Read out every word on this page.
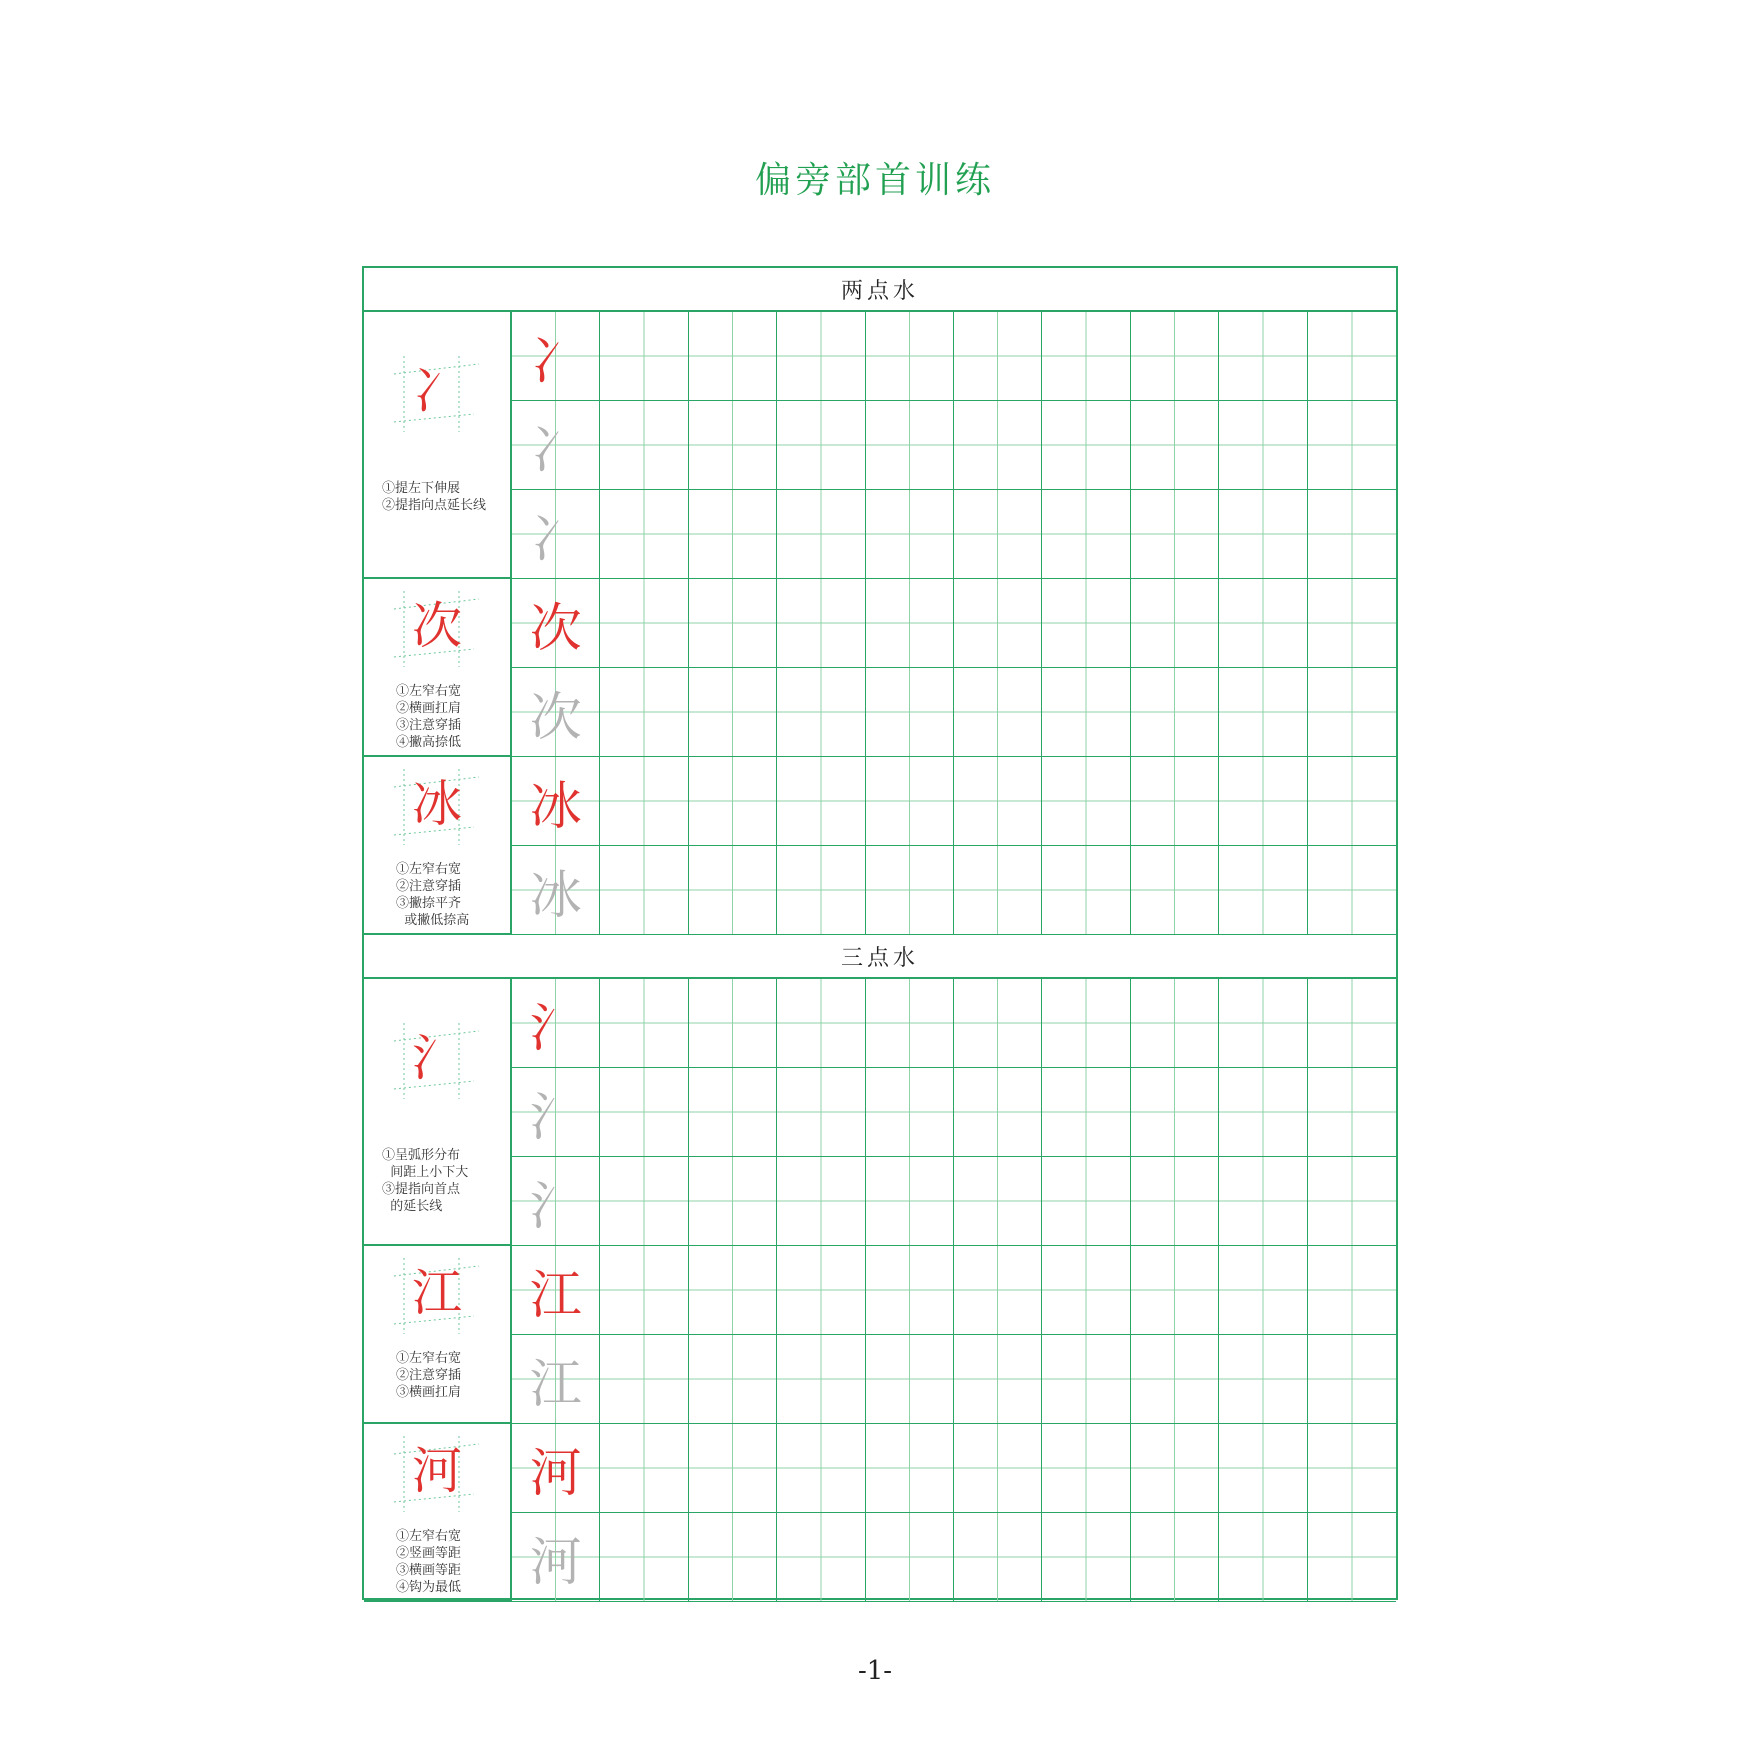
偏旁部首训练
两点水
冫
①提左下伸展
②提指向点延长线
冫
冫
冫
次
①左窄右宽
②横画扛肩
③注意穿插
④撇高捺低
次
次
冰
①左窄右宽
②注意穿插
③撇捺平齐
或撇低捺高
冰
冰
三点水
氵
①呈弧形分布
间距上小下大
③提指向首点
的延长线
氵
氵
氵
江
①左窄右宽
②注意穿插
③横画扛肩
江
江
河
①左窄右宽
②竖画等距
③横画等距
④钩为最低
河
河
-1-
